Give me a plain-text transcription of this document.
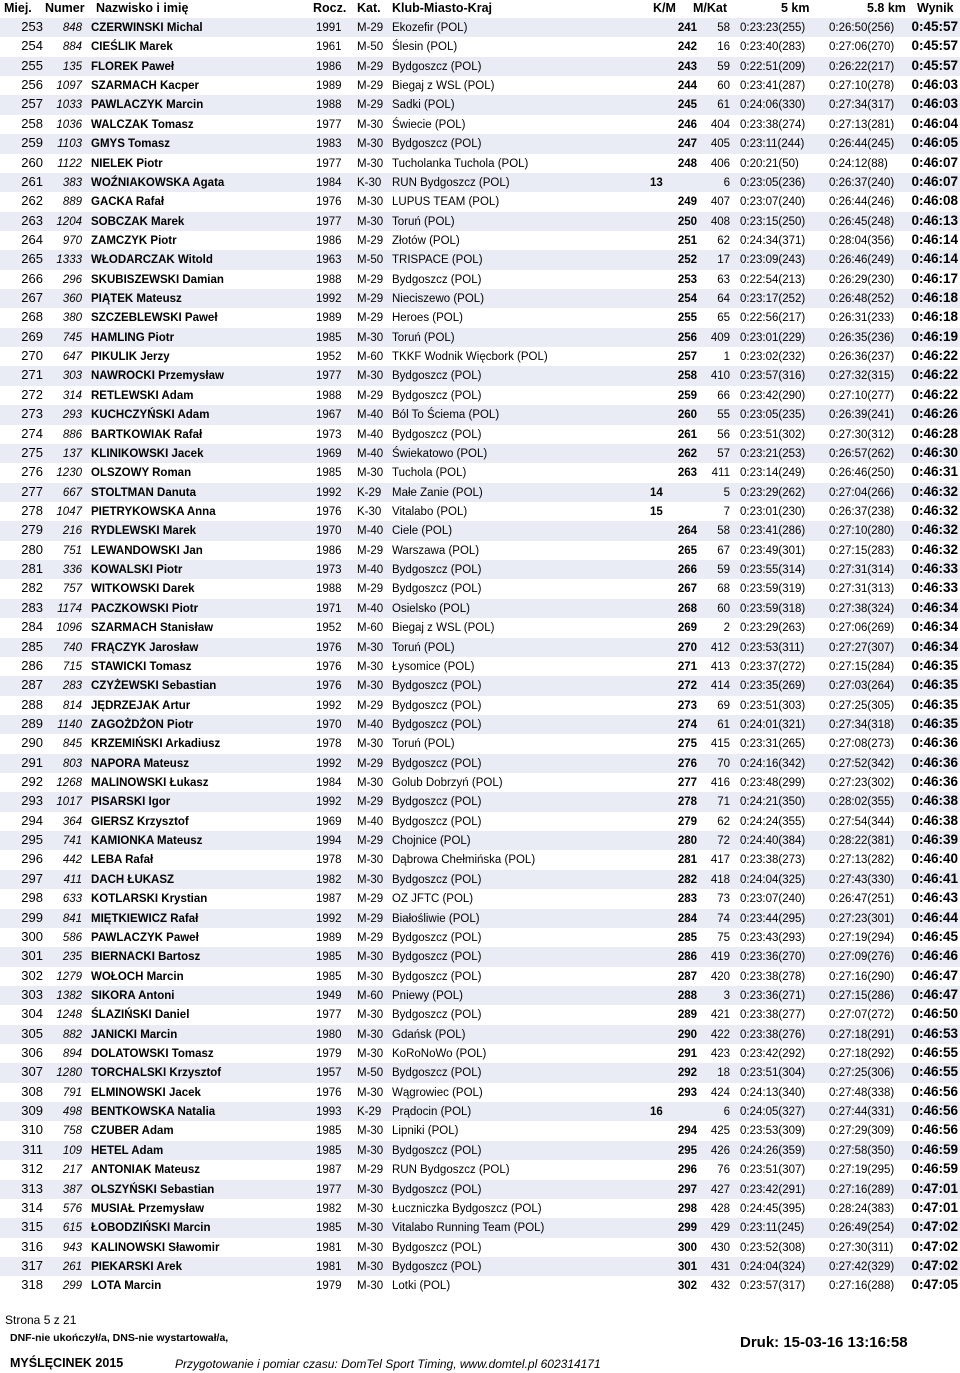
Miej. Numer Nazwisko i imię	Rocz. Kat. Klub-Miasto-Kraj	K/M M/Kat	5 km	5.8 km Wynik
253	848 CZERWINSKI Michal	1991 M-29 Ekozefir (POL)	241	58 0:23:23(255) 0:26:50(256) 0:45:57
254	884 CIEŚLIK Marek	1961 M-50 Ślesin (POL)	242	16 0:23:40(283) 0:27:06(270) 0:45:57
255	135 FLOREK Paweł	1986 M-29 Bydgoszcz (POL)	243	59 0:22:51(209) 0:26:22(217) 0:45:57
256	1097 SZARMACH Kacper	1989 M-29 Biegaj z WSL (POL)	244	60 0:23:41(287) 0:27:10(278) 0:46:03
257	1033 PAWLACZYK Marcin	1988 M-29 Sadki (POL)	245	61 0:24:06(330) 0:27:34(317) 0:46:03
258	1036 WALCZAK Tomasz	1977 M-30 Świecie (POL)	246	404 0:23:38(274) 0:27:13(281) 0:46:04
259	1103 GMYS Tomasz	1983 M-30 Bydgoszcz (POL)	247	405 0:23:11(244) 0:26:44(245) 0:46:05
260	1122 NIELEK Piotr	1977 M-30 Tucholanka Tuchola (POL)	248	406 0:20:21(50)	0:24:12(88) 0:46:07
261	383 WOŹNIAKOWSKA Agata	1984 K-30 RUN Bydgoszcz (POL)	13	6 0:23:05(236) 0:26:37(240) 0:46:07
262	889 GACKA Rafał	1976 M-30 LUPUS TEAM (POL)	249	407 0:23:07(240) 0:26:44(246) 0:46:08
263	1204 SOBCZAK Marek	1977 M-30 Toruń (POL)	250	408 0:23:15(250) 0:26:45(248) 0:46:13
264	970 ZAMCZYK Piotr	1986 M-29 Złotów (POL)	251	62 0:24:34(371) 0:28:04(356) 0:46:14
265	1333 WŁODARCZAK Witold	1963 M-50 TRISPACE (POL)	252	17 0:23:09(243) 0:26:46(249) 0:46:14
266	296 SKUBISZEWSKI Damian	1988 M-29 Bydgoszcz (POL)	253	63 0:22:54(213) 0:26:29(230) 0:46:17
267	360 PIĄTEK Mateusz	1992 M-29 Nieciszewo (POL)	254	64 0:23:17(252) 0:26:48(252) 0:46:18
268	380 SZCZEBLEWSKI Paweł	1989 M-29 Heroes (POL)	255	65 0:22:56(217) 0:26:31(233) 0:46:18
269	745 HAMLING Piotr	1985 M-30 Toruń (POL)	256	409 0:23:01(229) 0:26:35(236) 0:46:19
270	647 PIKULIK Jerzy	1952 M-60 TKKF Wodnik Więcbork (POL)	257	1 0:23:02(232) 0:26:36(237) 0:46:22
271	303 NAWROCKI Przemysław	1977 M-30 Bydgoszcz (POL)	258	410 0:23:57(316) 0:27:32(315) 0:46:22
272	314 RETLEWSKI Adam	1988 M-29 Bydgoszcz (POL)	259	66 0:23:42(290) 0:27:10(277) 0:46:22
273	293 KUCHCZYŃSKI Adam	1967 M-40 Ból To Ściema (POL)	260	55 0:23:05(235) 0:26:39(241) 0:46:26
274	886 BARTKOWIAK Rafał	1973 M-40 Bydgoszcz (POL)	261	56 0:23:51(302) 0:27:30(312) 0:46:28
275	137 KLINIKOWSKI Jacek	1969 M-40 Świekatowo (POL)	262	57 0:23:21(253) 0:26:57(262) 0:46:30
276	1230 OLSZOWY Roman	1985 M-30 Tuchola (POL)	263	411 0:23:14(249) 0:26:46(250) 0:46:31
277	667 STOLTMAN Danuta	1992 K-29 Małe Zanie (POL)	14	5 0:23:29(262) 0:27:04(266) 0:46:32
278	1047 PIETRYKOWSKA Anna	1976 K-30 Vitalabo (POL)	15	7 0:23:01(230) 0:26:37(238) 0:46:32
279	216 RYDLEWSKI Marek	1970 M-40 Ciele (POL)	264	58 0:23:41(286) 0:27:10(280) 0:46:32
280	751 LEWANDOWSKI Jan	1986 M-29 Warszawa (POL)	265	67 0:23:49(301) 0:27:15(283) 0:46:32
281	336 KOWALSKI Piotr	1973 M-40 Bydgoszcz (POL)	266	59 0:23:55(314) 0:27:31(314) 0:46:33
282	757 WITKOWSKI Darek	1988 M-29 Bydgoszcz (POL)	267	68 0:23:59(319) 0:27:31(313) 0:46:33
283	1174 PACZKOWSKI Piotr	1971 M-40 Osielsko (POL)	268	60 0:23:59(318) 0:27:38(324) 0:46:34
284	1096 SZARMACH Stanisław	1952 M-60 Biegaj z WSL (POL)	269	2 0:23:29(263) 0:27:06(269) 0:46:34
285	740 FRĄCZYK Jarosław	1976 M-30 Toruń (POL)	270	412 0:23:53(311) 0:27:27(307) 0:46:34
286	715 STAWICKI Tomasz	1976 M-30 Łysomice (POL)	271	413 0:23:37(272) 0:27:15(284) 0:46:35
287	283 CZYŻEWSKI Sebastian	1976 M-30 Bydgoszcz (POL)	272	414 0:23:35(269) 0:27:03(264) 0:46:35
288	814 JĘDRZEJAK Artur	1992 M-29 Bydgoszcz (POL)	273	69 0:23:51(303) 0:27:25(305) 0:46:35
289	1140 ZAGOŻDŻON Piotr	1970 M-40 Bydgoszcz (POL)	274	61 0:24:01(321) 0:27:34(318) 0:46:35
290	845 KRZEMIŃSKI Arkadiusz	1978 M-30 Toruń (POL)	275	415 0:23:31(265) 0:27:08(273) 0:46:36
291	803 NAPORA Mateusz	1992 M-29 Bydgoszcz (POL)	276	70 0:24:16(342) 0:27:52(342) 0:46:36
292	1268 MALINOWSKI Łukasz	1984 M-30 Golub Dobrzyń (POL)	277	416 0:23:48(299) 0:27:23(302) 0:46:36
293	1017 PISARSKI Igor	1992 M-29 Bydgoszcz (POL)	278	71 0:24:21(350) 0:28:02(355) 0:46:38
294	364 GIERSZ Krzysztof	1969 M-40 Bydgoszcz (POL)	279	62 0:24:24(355) 0:27:54(344) 0:46:38
295	741 KAMIONKA Mateusz	1994 M-29 Chojnice (POL)	280	72 0:24:40(384) 0:28:22(381) 0:46:39
296	442 LEBA Rafał	1978 M-30 Dąbrowa Chełmińska (POL)	281	417 0:23:38(273) 0:27:13(282) 0:46:40
297	411 DACH ŁUKASZ	1982 M-30 Bydgoszcz (POL)	282	418 0:24:04(325) 0:27:43(330) 0:46:41
298	633 KOTLARSKI Krystian	1987 M-29 OZ JFTC (POL)	283	73 0:23:07(240) 0:26:47(251) 0:46:43
299	841 MIĘTKIEWICZ Rafał	1992 M-29 Białośliwie (POL)	284	74 0:23:44(295) 0:27:23(301) 0:46:44
300	586 PAWLACZYK Paweł	1989 M-29 Bydgoszcz (POL)	285	75 0:23:43(293) 0:27:19(294) 0:46:45
301	235 BIERNACKI Bartosz	1985 M-30 Bydgoszcz (POL)	286	419 0:23:36(270) 0:27:09(276) 0:46:46
302	1279 WOŁOCH Marcin	1985 M-30 Bydgoszcz (POL)	287	420 0:23:38(278) 0:27:16(290) 0:46:47
303	1382 SIKORA Antoni	1949 M-60 Pniewy (POL)	288	3 0:23:36(271) 0:27:15(286) 0:46:47
304	1248 ŚLAZIŃSKI Daniel	1977 M-30 Bydgoszcz (POL)	289	421 0:23:38(277) 0:27:07(272) 0:46:50
305	882 JANICKI Marcin	1980 M-30 Gdańsk (POL)	290	422 0:23:38(276) 0:27:18(291) 0:46:53
306	894 DOLATOWSKI Tomasz	1979 M-30 KoRoNoWo (POL)	291	423 0:23:42(292) 0:27:18(292) 0:46:55
307	1280 TORCHALSKI Krzysztof	1957 M-50 Bydgoszcz (POL)	292	18 0:23:51(304) 0:27:25(306) 0:46:55
308	791 ELMINOWSKI Jacek	1976 M-30 Wągrowiec (POL)	293	424 0:24:13(340) 0:27:48(338) 0:46:56
309	498 BENTKOWSKA Natalia	1993 K-29 Prądocin (POL)	16	6 0:24:05(327) 0:27:44(331) 0:46:56
310	758 CZUBER Adam	1985 M-30 Lipniki (POL)	294	425 0:23:53(309) 0:27:29(309) 0:46:56
311	109 HETEL Adam	1985 M-30 Bydgoszcz (POL)	295	426 0:24:26(359) 0:27:58(350) 0:46:59
312	217 ANTONIAK Mateusz	1987 M-29 RUN Bydgoszcz (POL)	296	76 0:23:51(307) 0:27:19(295) 0:46:59
313	387 OLSZYŃSKI Sebastian	1977 M-30 Bydgoszcz (POL)	297	427 0:23:42(291) 0:27:16(289) 0:47:01
314	576 MUSIAŁ Przemysław	1982 M-30 Łuczniczka Bydgoszcz (POL)	298	428 0:24:45(395) 0:28:24(383) 0:47:01
315	615 ŁOBODZIŃSKI Marcin	1985 M-30 Vitalabo Running Team (POL)	299	429 0:23:11(245) 0:26:49(254) 0:47:02
316	943 KALINOWSKI Sławomir	1981 M-30 Bydgoszcz (POL)	300	430 0:23:52(308) 0:27:30(311) 0:47:02
317	261 PIEKARSKI Arek	1981 M-30 Bydgoszcz (POL)	301	431 0:24:04(324) 0:27:42(329) 0:47:02
318	299 LOTA Marcin	1979 M-30 Lotki (POL)	302	432 0:23:57(317) 0:27:16(288) 0:47:05
Strona 5 z 21
DNF-nie ukończył/a, DNS-nie wystartował/a,
MYŚLĘCINEK 2015	Przygotowanie i pomiar czasu: DomTel Sport Timing, www.domtel.pl 602314171
Druk: 15-03-16 13:16:58
